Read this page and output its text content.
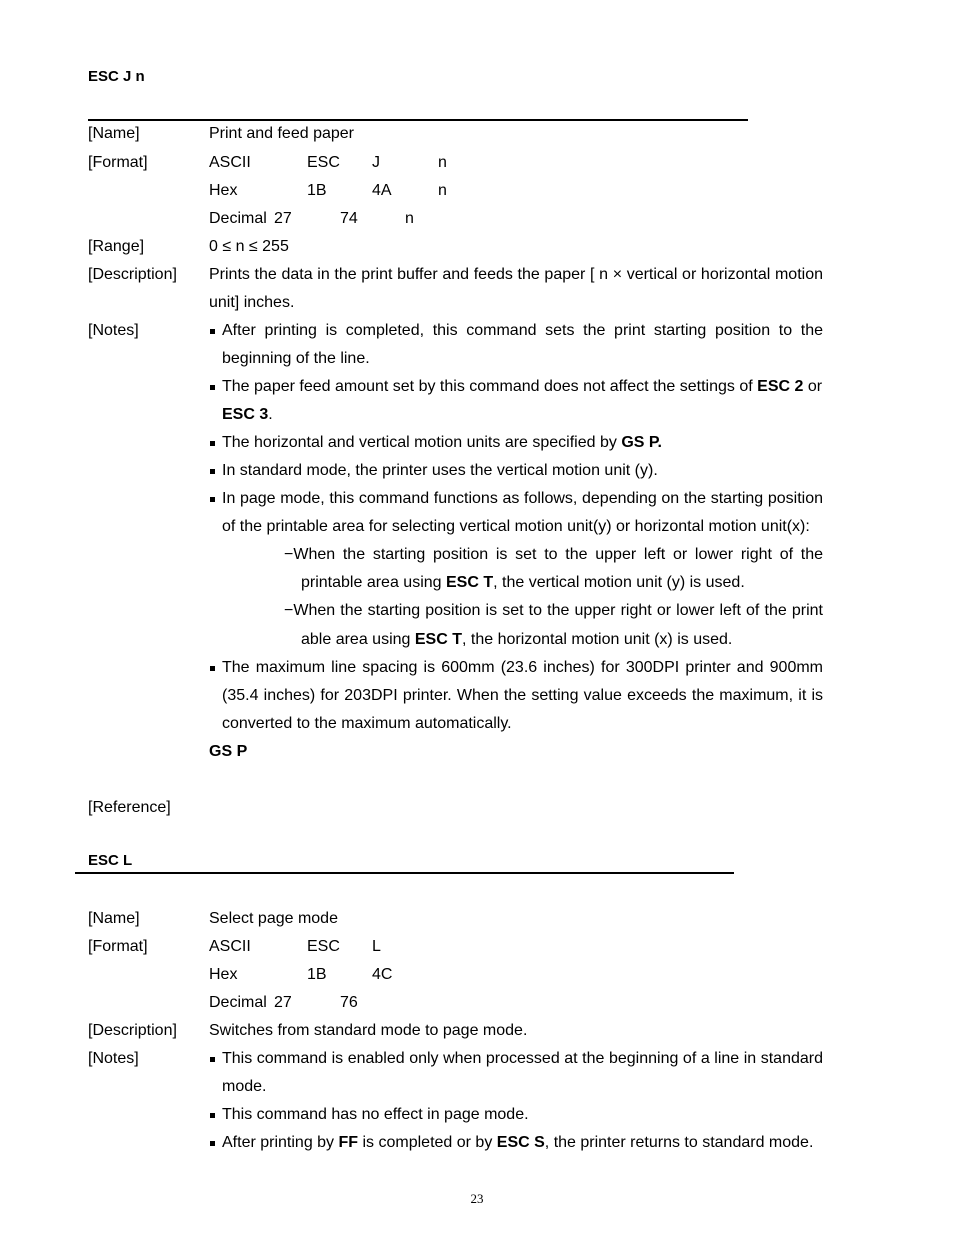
ESC J n
[Name]	Print and feed paper
[Format]	ASCII	ESC J	n
Hex	1B	4A	n
Decimal 27	74	n
[Range]	0 ≤ n ≤ 255
[Description] Prints the data in the print buffer and feeds the paper [ n × vertical or horizontal motion
unit] inches.
[Notes]	After printing is completed, this command sets the print starting position to the
beginning of the line.
The paper feed amount set by this command does not affect the settings of ESC 2 or
ESC 3.
The horizontal and vertical motion units are specified by GS P.
In standard mode, the printer uses the vertical motion unit (y).
In page mode, this command functions as follows, depending on the starting position
of the printable area for selecting vertical motion unit(y) or horizontal motion unit(x):
−When the starting position is set to the upper left or lower right of the
printable area using ESC T, the vertical motion unit (y) is used.
−When the starting position is set to the upper right or lower left of the print
able area using ESC T, the horizontal motion unit (x) is used.
The maximum line spacing is 600mm (23.6 inches) for 300DPI printer and 900mm
(35.4 inches) for 203DPI printer. When the setting value exceeds the maximum, it is
converted to the maximum automatically.
GS P
[Reference]
ESC L
[Name]	Select page mode
[Format]	ASCII	ESC L
Hex	1B	4C
Decimal 27	76
[Description] Switches from standard mode to page mode.
[Notes]	This command is enabled only when processed at the beginning of a line in standard
mode.
This command has no effect in page mode.
After printing by FF is completed or by ESC S, the printer returns to standard mode.
23
